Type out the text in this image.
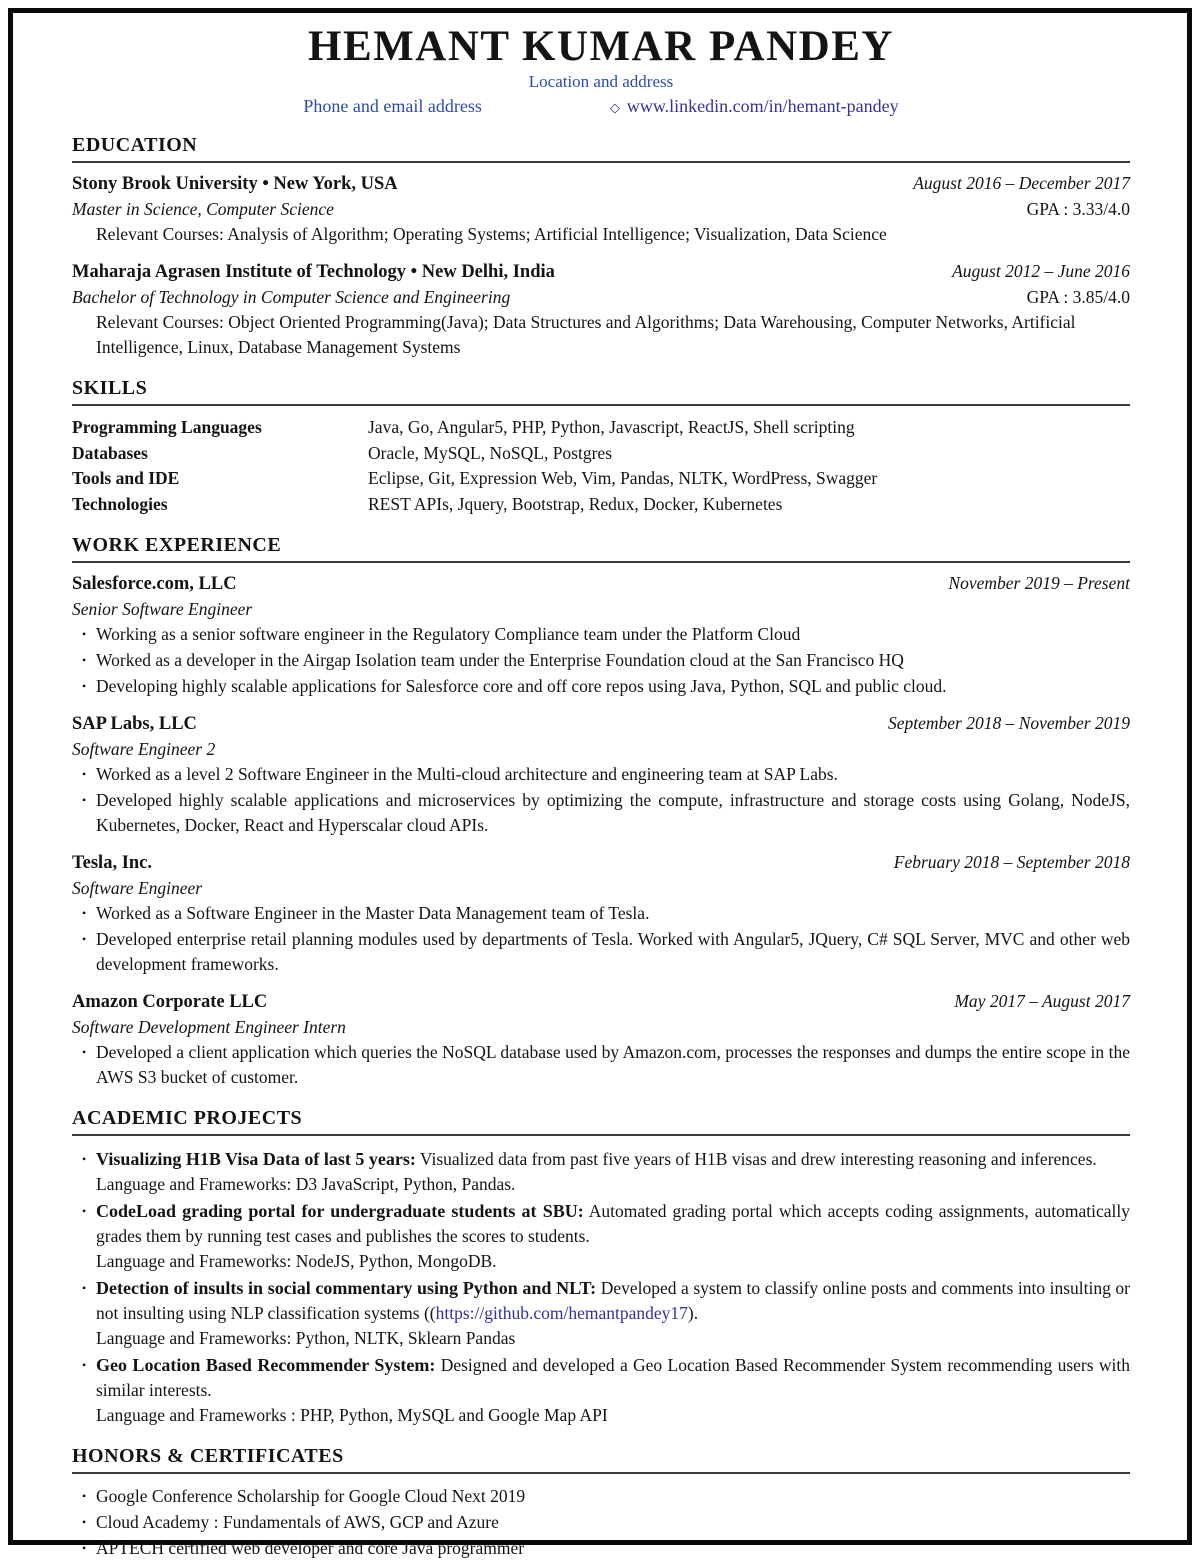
HEMANT KUMAR PANDEY
Location and address
Phone and email address	◇ www.linkedin.com/in/hemant-pandey
EDUCATION
Stony Brook University • New York, USA	August 2016 – December 2017
Master in Science, Computer Science	GPA : 3.33/4.0
Relevant Courses: Analysis of Algorithm; Operating Systems; Artificial Intelligence; Visualization, Data Science
Maharaja Agrasen Institute of Technology • New Delhi, India	August 2012 – June 2016
Bachelor of Technology in Computer Science and Engineering	GPA : 3.85/4.0
Relevant Courses: Object Oriented Programming(Java); Data Structures and Algorithms; Data Warehousing, Computer Networks, Artificial Intelligence, Linux, Database Management Systems
SKILLS
Programming Languages	Java, Go, Angular5, PHP, Python, Javascript, ReactJS, Shell scripting
Databases	Oracle, MySQL, NoSQL, Postgres
Tools and IDE	Eclipse, Git, Expression Web, Vim, Pandas, NLTK, WordPress, Swagger
Technologies	REST APIs, Jquery, Bootstrap, Redux, Docker, Kubernetes
WORK EXPERIENCE
Salesforce.com, LLC	November 2019 – Present
Senior Software Engineer
• Working as a senior software engineer in the Regulatory Compliance team under the Platform Cloud
• Worked as a developer in the Airgap Isolation team under the Enterprise Foundation cloud at the San Francisco HQ
• Developing highly scalable applications for Salesforce core and off core repos using Java, Python, SQL and public cloud.
SAP Labs, LLC	September 2018 – November 2019
Software Engineer 2
• Worked as a level 2 Software Engineer in the Multi-cloud architecture and engineering team at SAP Labs.
• Developed highly scalable applications and microservices by optimizing the compute, infrastructure and storage costs using Golang, NodeJS, Kubernetes, Docker, React and Hyperscalar cloud APIs.
Tesla, Inc.	February 2018 – September 2018
Software Engineer
• Worked as a Software Engineer in the Master Data Management team of Tesla.
• Developed enterprise retail planning modules used by departments of Tesla. Worked with Angular5, JQuery, C# SQL Server, MVC and other web development frameworks.
Amazon Corporate LLC	May 2017 – August 2017
Software Development Engineer Intern
• Developed a client application which queries the NoSQL database used by Amazon.com, processes the responses and dumps the entire scope in the AWS S3 bucket of customer.
ACADEMIC PROJECTS
• Visualizing H1B Visa Data of last 5 years: Visualized data from past five years of H1B visas and drew interesting reasoning and inferences.
Language and Frameworks: D3 JavaScript, Python, Pandas.
• CodeLoad grading portal for undergraduate students at SBU: Automated grading portal which accepts coding assignments, automatically grades them by running test cases and publishes the scores to students.
Language and Frameworks: NodeJS, Python, MongoDB.
• Detection of insults in social commentary using Python and NLT: Developed a system to classify online posts and comments into insulting or not insulting using NLP classification systems ((https://github.com/hemantpandey17).
Language and Frameworks: Python, NLTK, Sklearn Pandas
• Geo Location Based Recommender System: Designed and developed a Geo Location Based Recommender System recommending users with similar interests.
Language and Frameworks : PHP, Python, MySQL and Google Map API
HONORS & CERTIFICATES
• Google Conference Scholarship for Google Cloud Next 2019
• Cloud Academy : Fundamentals of AWS, GCP and Azure
• APTECH certified web developer and core Java programmer
